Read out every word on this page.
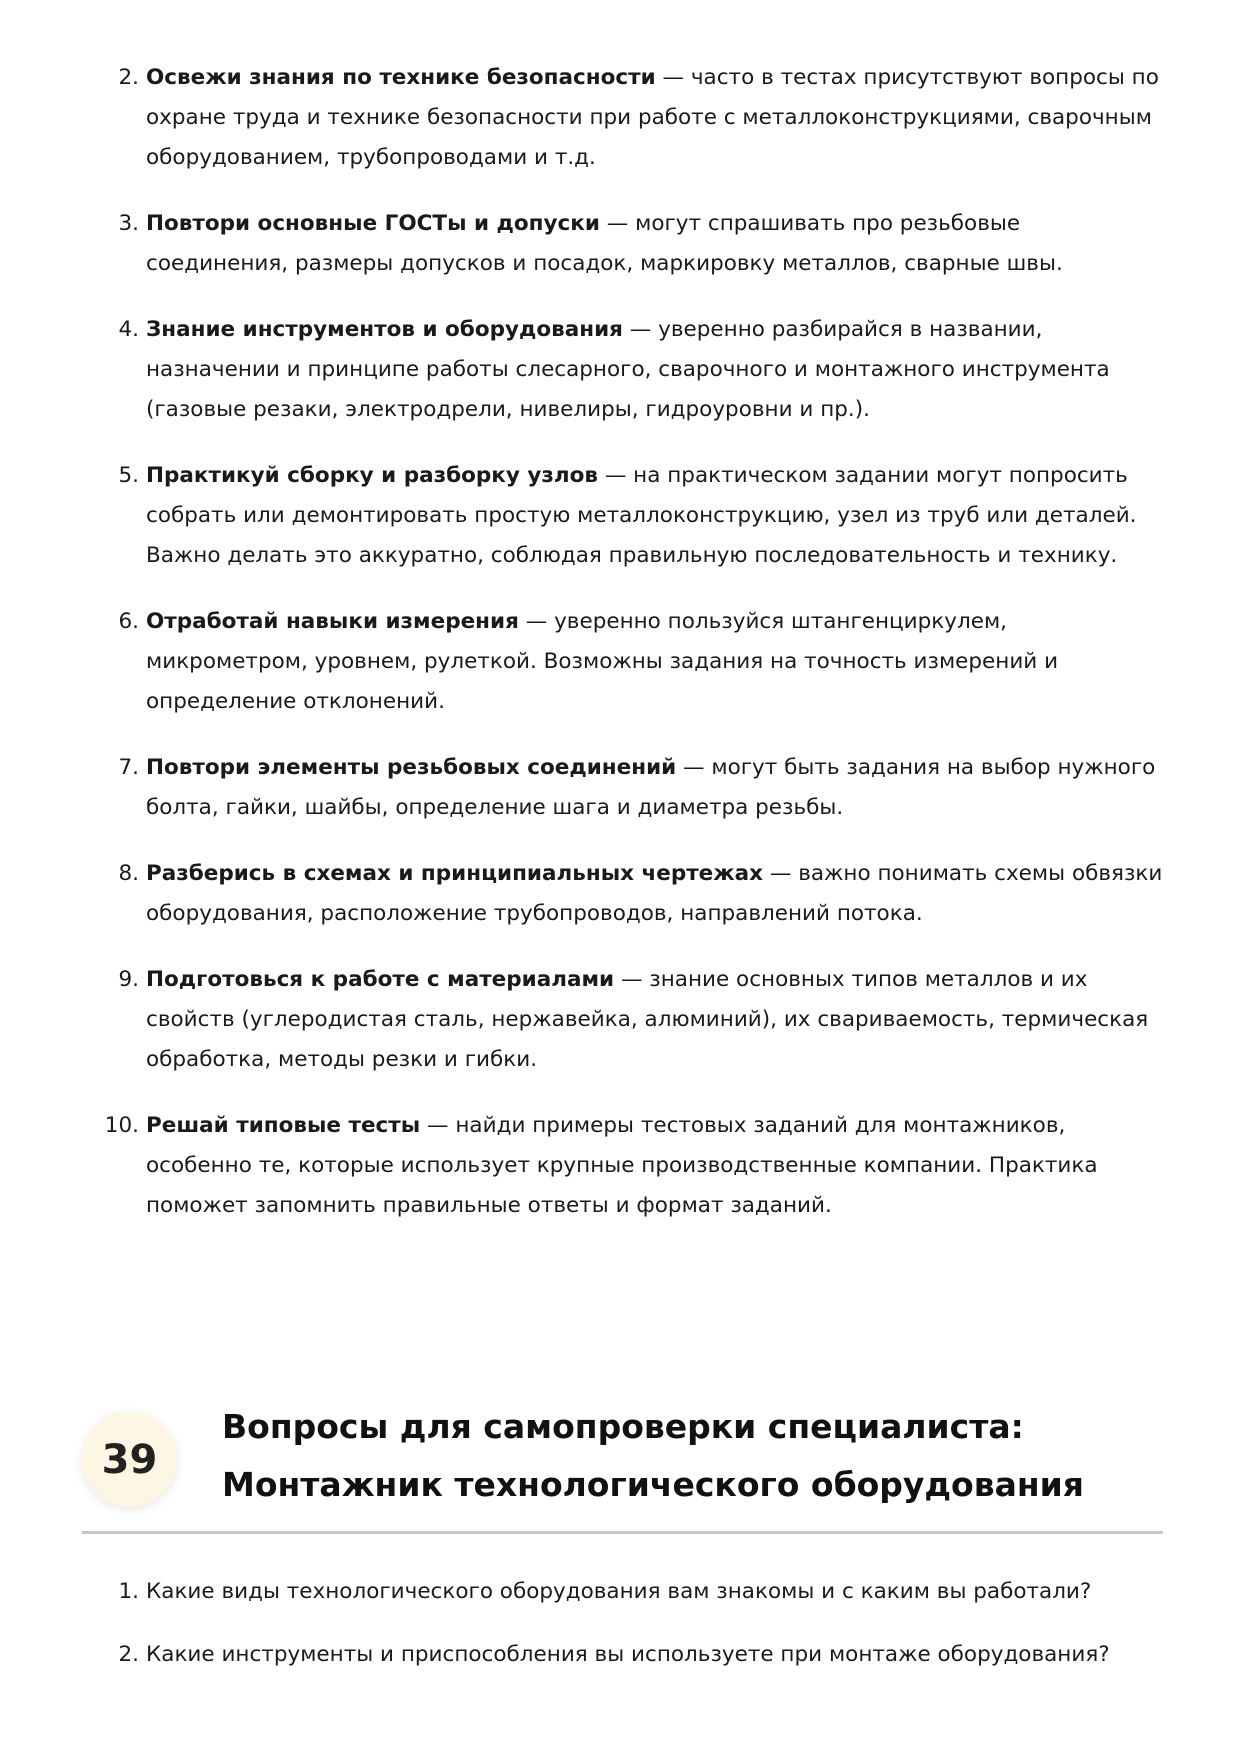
2. Освежи знания по технике безопасности — часто в тестах присутствуют вопросы по охране труда и технике безопасности при работе с металлоконструкциями, сварочным оборудованием, трубопроводами и т.д.
3. Повтори основные ГОСТы и допуски — могут спрашивать про резьбовые соединения, размеры допусков и посадок, маркировку металлов, сварные швы.
4. Знание инструментов и оборудования — уверенно разбирайся в названии, назначении и принципе работы слесарного, сварочного и монтажного инструмента (газовые резаки, электродрели, нивелиры, гидроуровни и пр.).
5. Практикуй сборку и разборку узлов — на практическом задании могут попросить собрать или демонтировать простую металлоконструкцию, узел из труб или деталей. Важно делать это аккуратно, соблюдая правильную последовательность и технику.
6. Отработай навыки измерения — уверенно пользуйся штангенциркулем, микрометром, уровнем, рулеткой. Возможны задания на точность измерений и определение отклонений.
7. Повтори элементы резьбовых соединений — могут быть задания на выбор нужного болта, гайки, шайбы, определение шага и диаметра резьбы.
8. Разберись в схемах и принципиальных чертежах — важно понимать схемы обвязки оборудования, расположение трубопроводов, направлений потока.
9. Подготовься к работе с материалами — знание основных типов металлов и их свойств (углеродистая сталь, нержавейка, алюминий), их свариваемость, термическая обработка, методы резки и гибки.
10. Решай типовые тесты — найди примеры тестовых заданий для монтажников, особенно те, которые использует крупные производственные компании. Практика поможет запомнить правильные ответы и формат заданий.
39
Вопросы для самопроверки специалиста:
Монтажник технологического оборудования
1. Какие виды технологического оборудования вам знакомы и с каким вы работали?
2. Какие инструменты и приспособления вы используете при монтаже оборудования?
